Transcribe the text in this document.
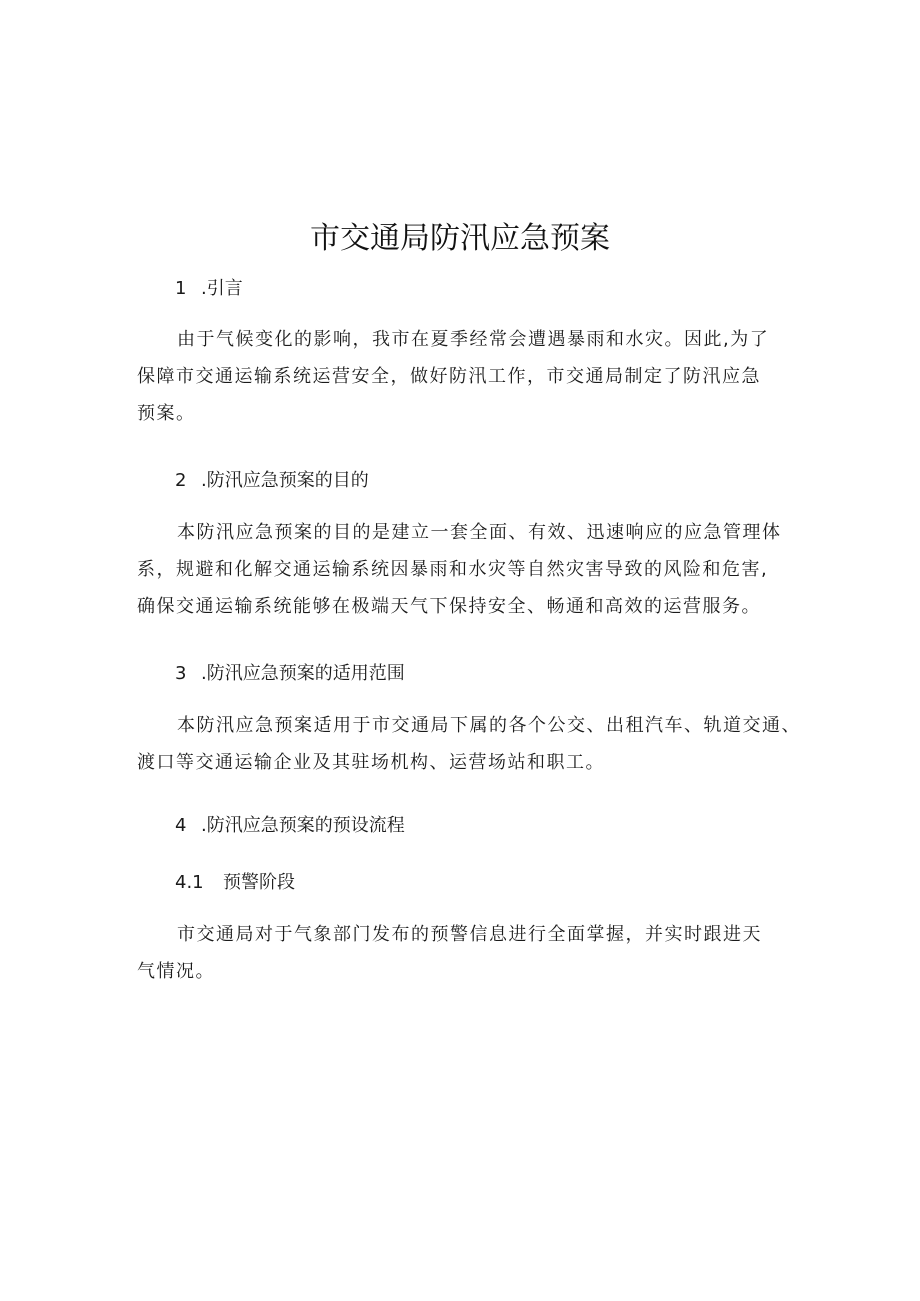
市交通局防汛应急预案
1 .引言
由于气候变化的影响，我市在夏季经常会遭遇暴雨和水灾。因此,为了
保障市交通运输系统运营安全，做好防汛工作，市交通局制定了防汛应急
预案。
2 .防汛应急预案的目的
本防汛应急预案的目的是建立一套全面、有效、迅速响应的应急管理体
系，规避和化解交通运输系统因暴雨和水灾等自然灾害导致的风险和危害,
确保交通运输系统能够在极端天气下保持安全、畅通和高效的运营服务。
3 .防汛应急预案的适用范围
本防汛应急预案适用于市交通局下属的各个公交、出租汽车、轨道交通、
渡口等交通运输企业及其驻场机构、运营场站和职工。
4 .防汛应急预案的预设流程
4.1 预警阶段
市交通局对于气象部门发布的预警信息进行全面掌握，并实时跟进天
气情况。
